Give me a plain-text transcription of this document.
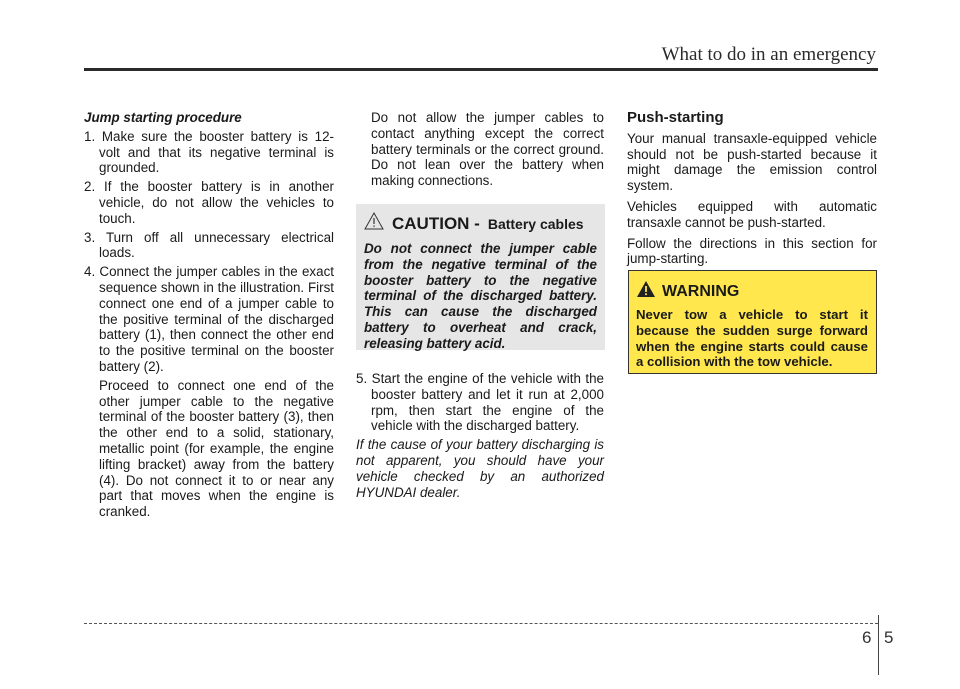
What to do in an emergency
Jump starting procedure

1. Make sure the booster battery is 12-volt and that its negative terminal is grounded.

2. If the booster battery is in another vehicle, do not allow the vehicles to touch.

3. Turn off all unnecessary electrical loads.

4. Connect the jumper cables in the exact sequence shown in the illustration. First connect one end of a jumper cable to the positive terminal of the discharged battery (1), then connect the other end to the positive terminal on the booster battery (2).

Proceed to connect one end of the other jumper cable to the negative terminal of the booster battery (3), then the other end to a solid, stationary, metallic point (for example, the engine lifting bracket) away from the battery (4). Do not connect it to or near any part that moves when the engine is cranked.

Do not allow the jumper cables to contact anything except the correct battery terminals or the correct ground. Do not lean over the battery when making connections.

CAUTION - Battery cables
Do not connect the jumper cable from the negative terminal of the booster battery to the negative terminal of the discharged battery. This can cause the discharged battery to overheat and crack, releasing battery acid.

5. Start the engine of the vehicle with the booster battery and let it run at 2,000 rpm, then start the engine of the vehicle with the discharged battery.

If the cause of your battery discharging is not apparent, you should have your vehicle checked by an authorized HYUNDAI dealer.

Push-starting

Your manual transaxle-equipped vehicle should not be push-started because it might damage the emission control system.

Vehicles equipped with automatic transaxle cannot be push-started.

Follow the directions in this section for jump-starting.

WARNING
Never tow a vehicle to start it because the sudden surge forward when the engine starts could cause a collision with the tow vehicle.
6 5
